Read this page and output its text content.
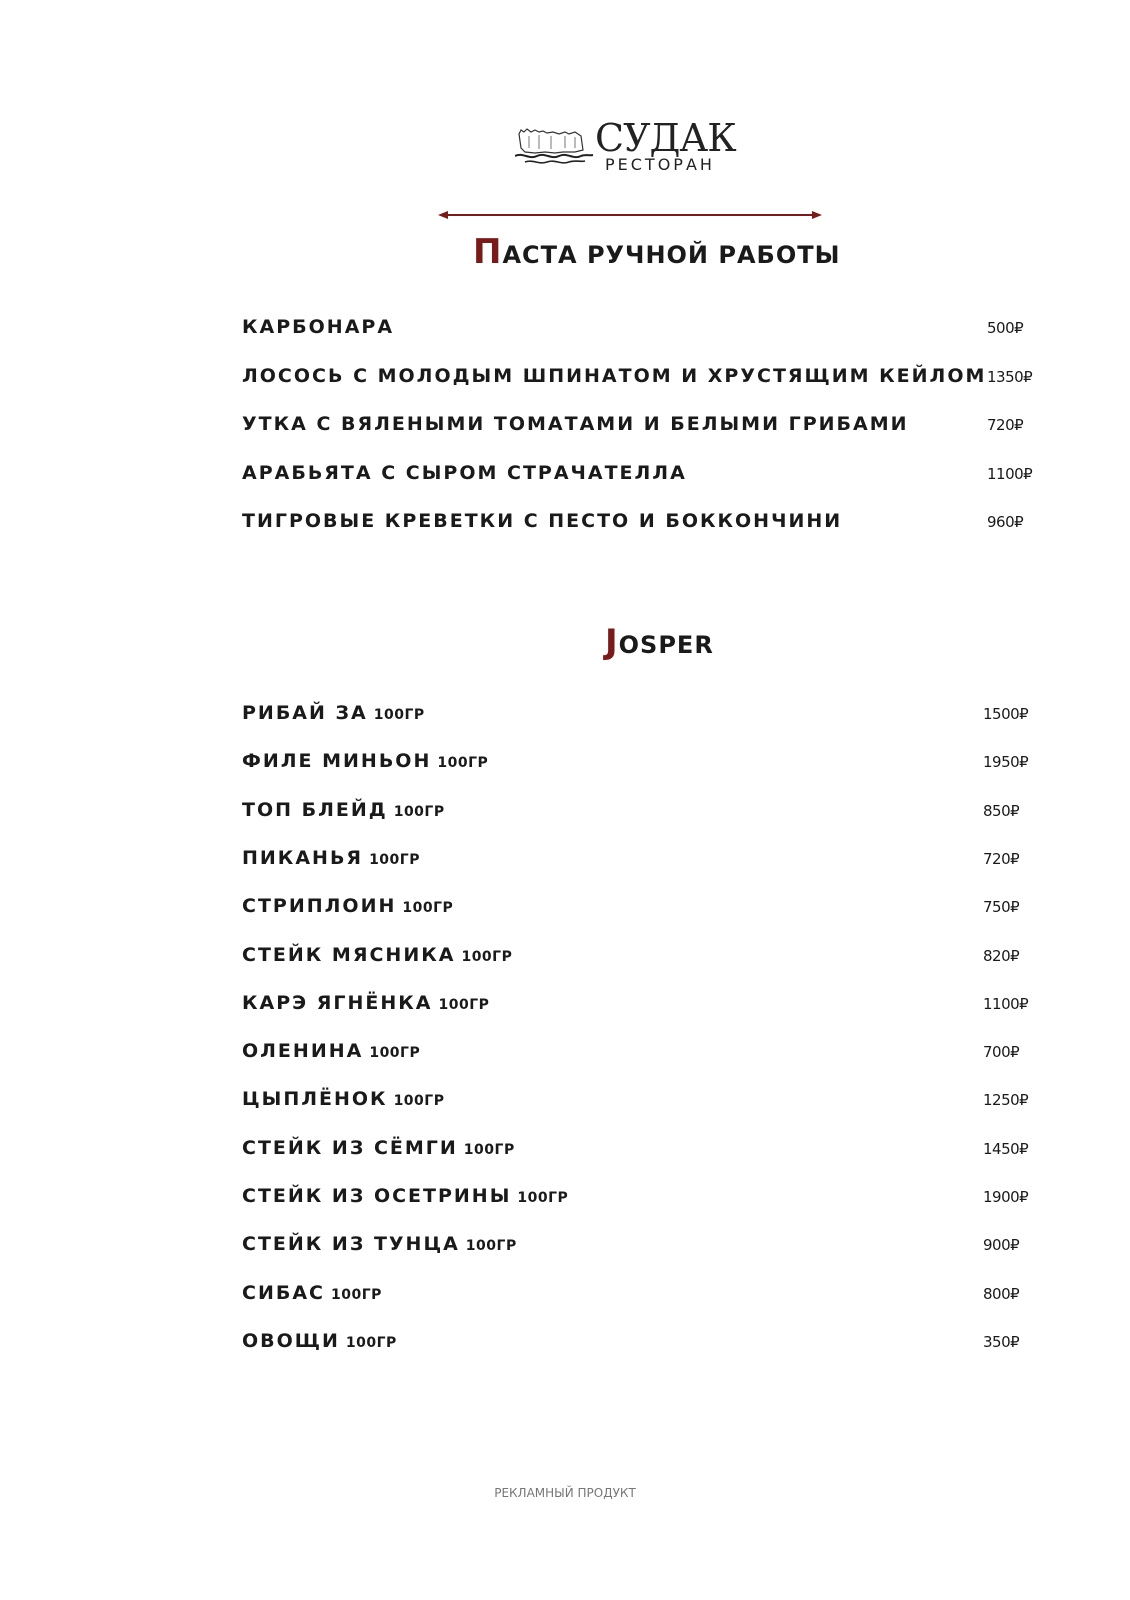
СУДАК
РЕСТОРАН
ПАСТА РУЧНОЙ РАБОТЫ
JOSPER
КАРБОНАРА	500₽
ЛОСОСЬ С МОЛОДЫМ ШПИНАТОМ И ХРУСТЯЩИМ КЕЙЛОМ 1350₽
УТКА С ВЯЛЕНЫМИ ТОМАТАМИ И БЕЛЫМИ ГРИБАМИ	720₽
АРАБЬЯТА С СЫРОМ СТРАЧАТЕЛЛА	1100₽
ТИГРОВЫЕ КРЕВЕТКИ С ПЕСТО И БОККОНЧИНИ	960₽
РИБАЙ ЗА 100ГР	1500₽
ФИЛЕ МИНЬОН 100ГР	1950₽
ТОП БЛЕЙД 100ГР	850₽
ПИКАНЬЯ 100ГР	720₽
СТРИПЛОИН 100ГР	750₽
СТЕЙК МЯСНИКА 100ГР	820₽
КАРЭ ЯГНЁНКА 100ГР	1100₽
ОЛЕНИНА 100ГР	700₽
ЦЫПЛЁНОК 100ГР	1250₽
СТЕЙК ИЗ СЁМГИ 100ГР	1450₽
СТЕЙК ИЗ ОСЕТРИНЫ 100ГР	1900₽
СТЕЙК ИЗ ТУНЦА 100ГР	900₽
СИБАС 100ГР	800₽
ОВОЩИ 100ГР	350₽
РЕКЛАМНЫЙ ПРОДУКТ
